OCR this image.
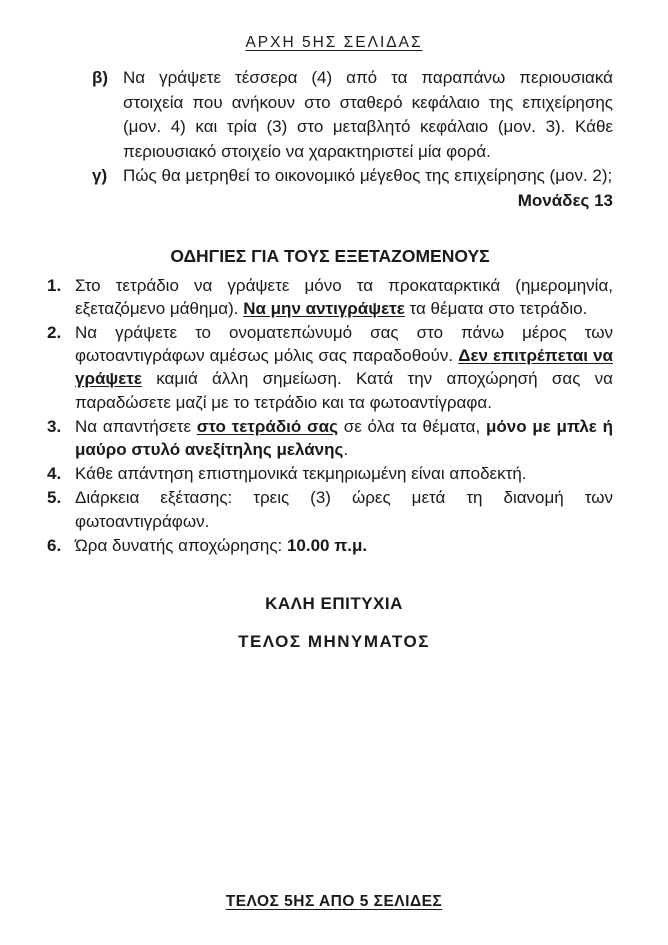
ΑΡΧΗ 5ΗΣ ΣΕΛΙΔΑΣ
β) Να γράψετε τέσσερα (4) από τα παραπάνω περιουσιακά στοιχεία που ανήκουν στο σταθερό κεφάλαιο της επιχείρησης (μον. 4) και τρία (3) στο μεταβλητό κεφάλαιο (μον. 3). Κάθε περιουσιακό στοιχείο να χαρακτηριστεί μία φορά.

γ) Πώς θα μετρηθεί το οικονομικό μέγεθος της επιχείρησης (μον. 2);

Μονάδες 13
ΟΔΗΓΙΕΣ ΓΙΑ ΤΟΥΣ ΕΞΕΤΑΖΟΜΕΝΟΥΣ
1. Στο τετράδιο να γράψετε μόνο τα προκαταρκτικά (ημερομηνία, εξεταζόμενο μάθημα). Να μην αντιγράψετε τα θέματα στο τετράδιο.
2. Να γράψετε το ονοματεπώνυμό σας στο πάνω μέρος των φωτοαντιγράφων αμέσως μόλις σας παραδοθούν. Δεν επιτρέπεται να γράψετε καμιά άλλη σημείωση. Κατά την αποχώρησή σας να παραδώσετε μαζί με το τετράδιο και τα φωτοαντίγραφα.
3. Να απαντήσετε στο τετράδιό σας σε όλα τα θέματα, μόνο με μπλε ή μαύρο στυλό ανεξίτηλης μελάνης.
4. Κάθε απάντηση επιστημονικά τεκμηριωμένη είναι αποδεκτή.
5. Διάρκεια εξέτασης: τρεις (3) ώρες μετά τη διανομή των φωτοαντιγράφων.
6. Ώρα δυνατής αποχώρησης: 10.00 π.μ.
ΚΑΛΗ ΕΠΙΤΥΧΙΑ
ΤΕΛΟΣ ΜΗΝΥΜΑΤΟΣ
ΤΕΛΟΣ 5ΗΣ ΑΠΟ 5 ΣΕΛΙΔΕΣ
